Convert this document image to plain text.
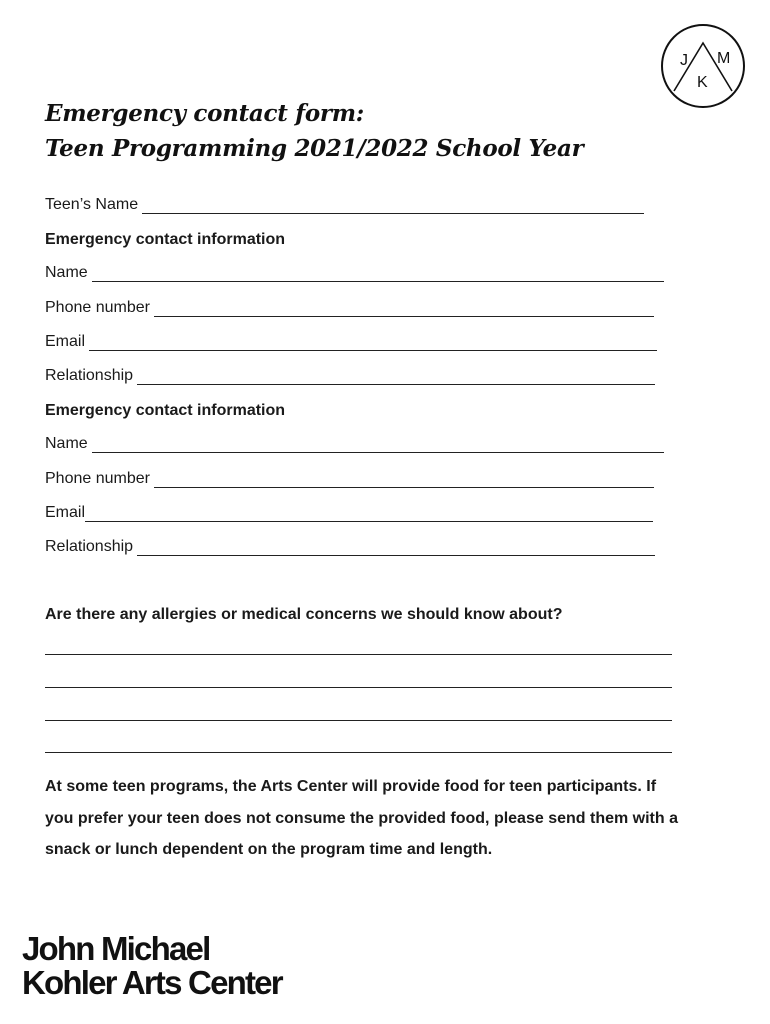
J M
K
Emergency contact form:
Teen Programming 2021/2022 School Year
Teen’s Name
Emergency contact information
Name
Phone number
Email
Relationship
Emergency contact information
Name
Phone number
Email
Relationship
Are there any allergies or medical concerns we should know about?

At some teen programs, the Arts Center will provide food for teen participants. If you prefer your teen does not consume the provided food, please send them with a snack or lunch dependent on the program time and length.

John Michael
Kohler Arts Center
